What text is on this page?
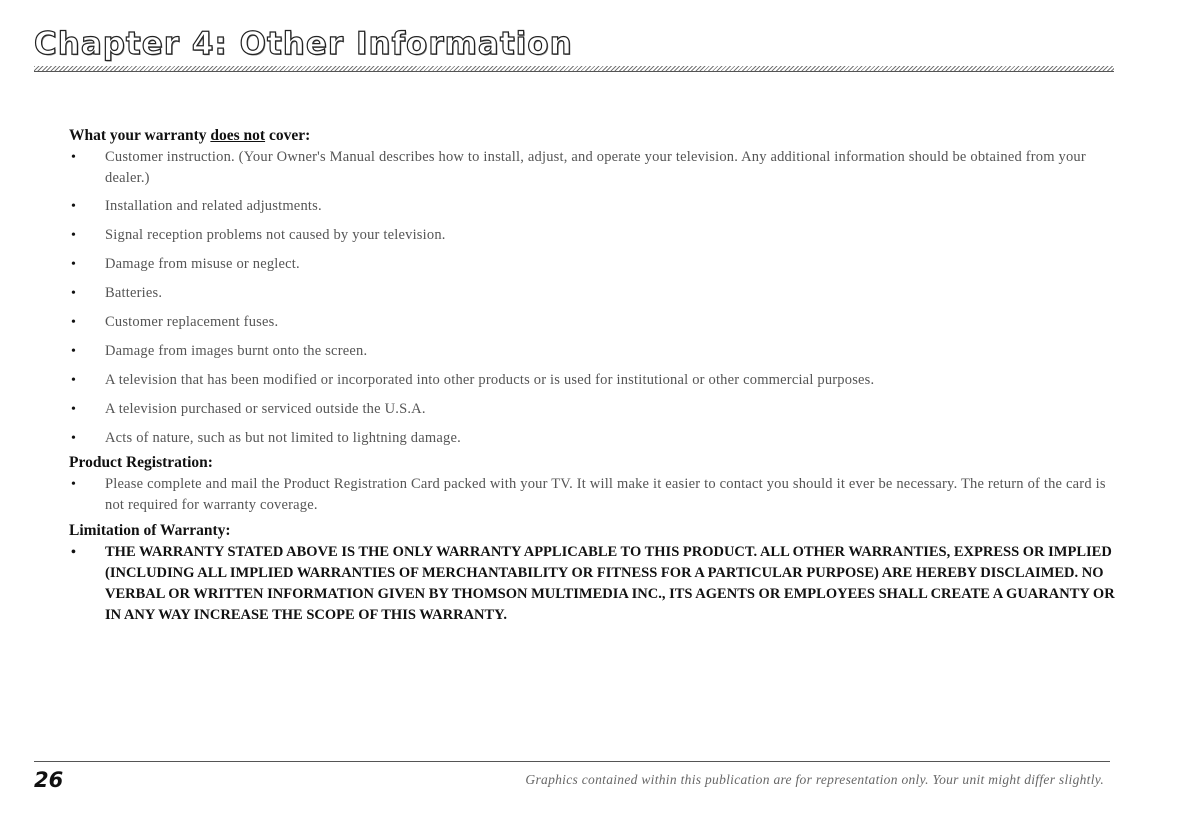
Chapter 4: Other Information

What your warranty does not cover:

• Customer instruction. (Your Owner's Manual describes how to install, adjust, and operate your television. Any additional information should be obtained from your dealer.)
• Installation and related adjustments.
• Signal reception problems not caused by your television.
• Damage from misuse or neglect.
• Batteries.
• Customer replacement fuses.
• Damage from images burnt onto the screen.
• A television that has been modified or incorporated into other products or is used for institutional or other commercial purposes.
• A television purchased or serviced outside the U.S.A.
• Acts of nature, such as but not limited to lightning damage.

Product Registration:

• Please complete and mail the Product Registration Card packed with your TV. It will make it easier to contact you should it ever be necessary. The return of the card is not required for warranty coverage.

Limitation of Warranty:

• THE WARRANTY STATED ABOVE IS THE ONLY WARRANTY APPLICABLE TO THIS PRODUCT. ALL OTHER WARRANTIES, EXPRESS OR IMPLIED (INCLUDING ALL IMPLIED WARRANTIES OF MERCHANTABILITY OR FITNESS FOR A PARTICULAR PURPOSE) ARE HEREBY DISCLAIMED. NO VERBAL OR WRITTEN INFORMATION GIVEN BY THOMSON MULTIMEDIA INC., ITS AGENTS OR EMPLOYEES SHALL CREATE A GUARANTY OR IN ANY WAY INCREASE THE SCOPE OF THIS WARRANTY.
26	Graphics contained within this publication are for representation only. Your unit might differ slightly.
